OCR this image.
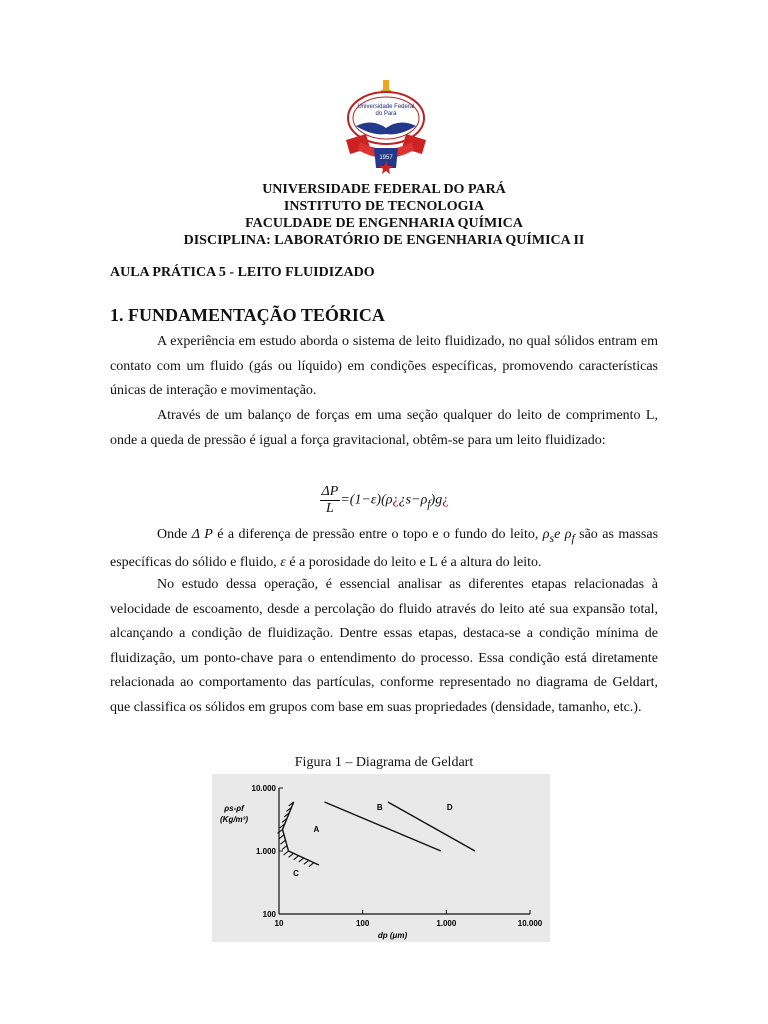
Universidade Federal
do Pará
1957
UNIVERSIDADE FEDERAL DO PARÁ
INSTITUTO DE TECNOLOGIA
FACULDADE DE ENGENHARIA QUÍMICA
DISCIPLINA: LABORATÓRIO DE ENGENHARIA QUÍMICA II
AULA PRÁTICA 5 - LEITO FLUIDIZADO
1. FUNDAMENTAÇÃO TEÓRICA

A experiência em estudo aborda o sistema de leito fluidizado, no qual sólidos entram em contato com um fluido (gás ou líquido) em condições específicas, promovendo características únicas de interação e movimentação.

Através de um balanço de forças em uma seção qualquer do leito de comprimento L, onde a queda de pressão é igual a força gravitacional, obtêm-se para um leito fluidizado:

$\frac{\Delta P}{L}$ $=(1-\varepsilon)(\rho¿¿s-\rho_f)g¿$

Onde Δ P é a diferença de pressão entre o topo e o fundo do leito, $\rho_se$ $\rho_f$ são as massas específicas do sólido e fluido, ε é a porosidade do leito e L é a altura do leito.

No estudo dessa operação, é essencial analisar as diferentes etapas relacionadas à velocidade de escoamento, desde a percolação do fluido através do leito até sua expansão total, alcançando a condição de fluidização. Dentre essas etapas, destaca-se a condição mínima de fluidização, um ponto-chave para o entendimento do processo. Essa condição está diretamente relacionada ao comportamento das partículas, conforme representado no diagrama de Geldart, que classifica os sólidos em grupos com base em suas propriedades (densidade, tamanho, etc.).

Figura 1 – Diagrama de Geldart
10	100	1.000	10.000
10.000
1.000
100
dp (μm)
ρs-ρf
(Kg/m³)
A
B
C
D
